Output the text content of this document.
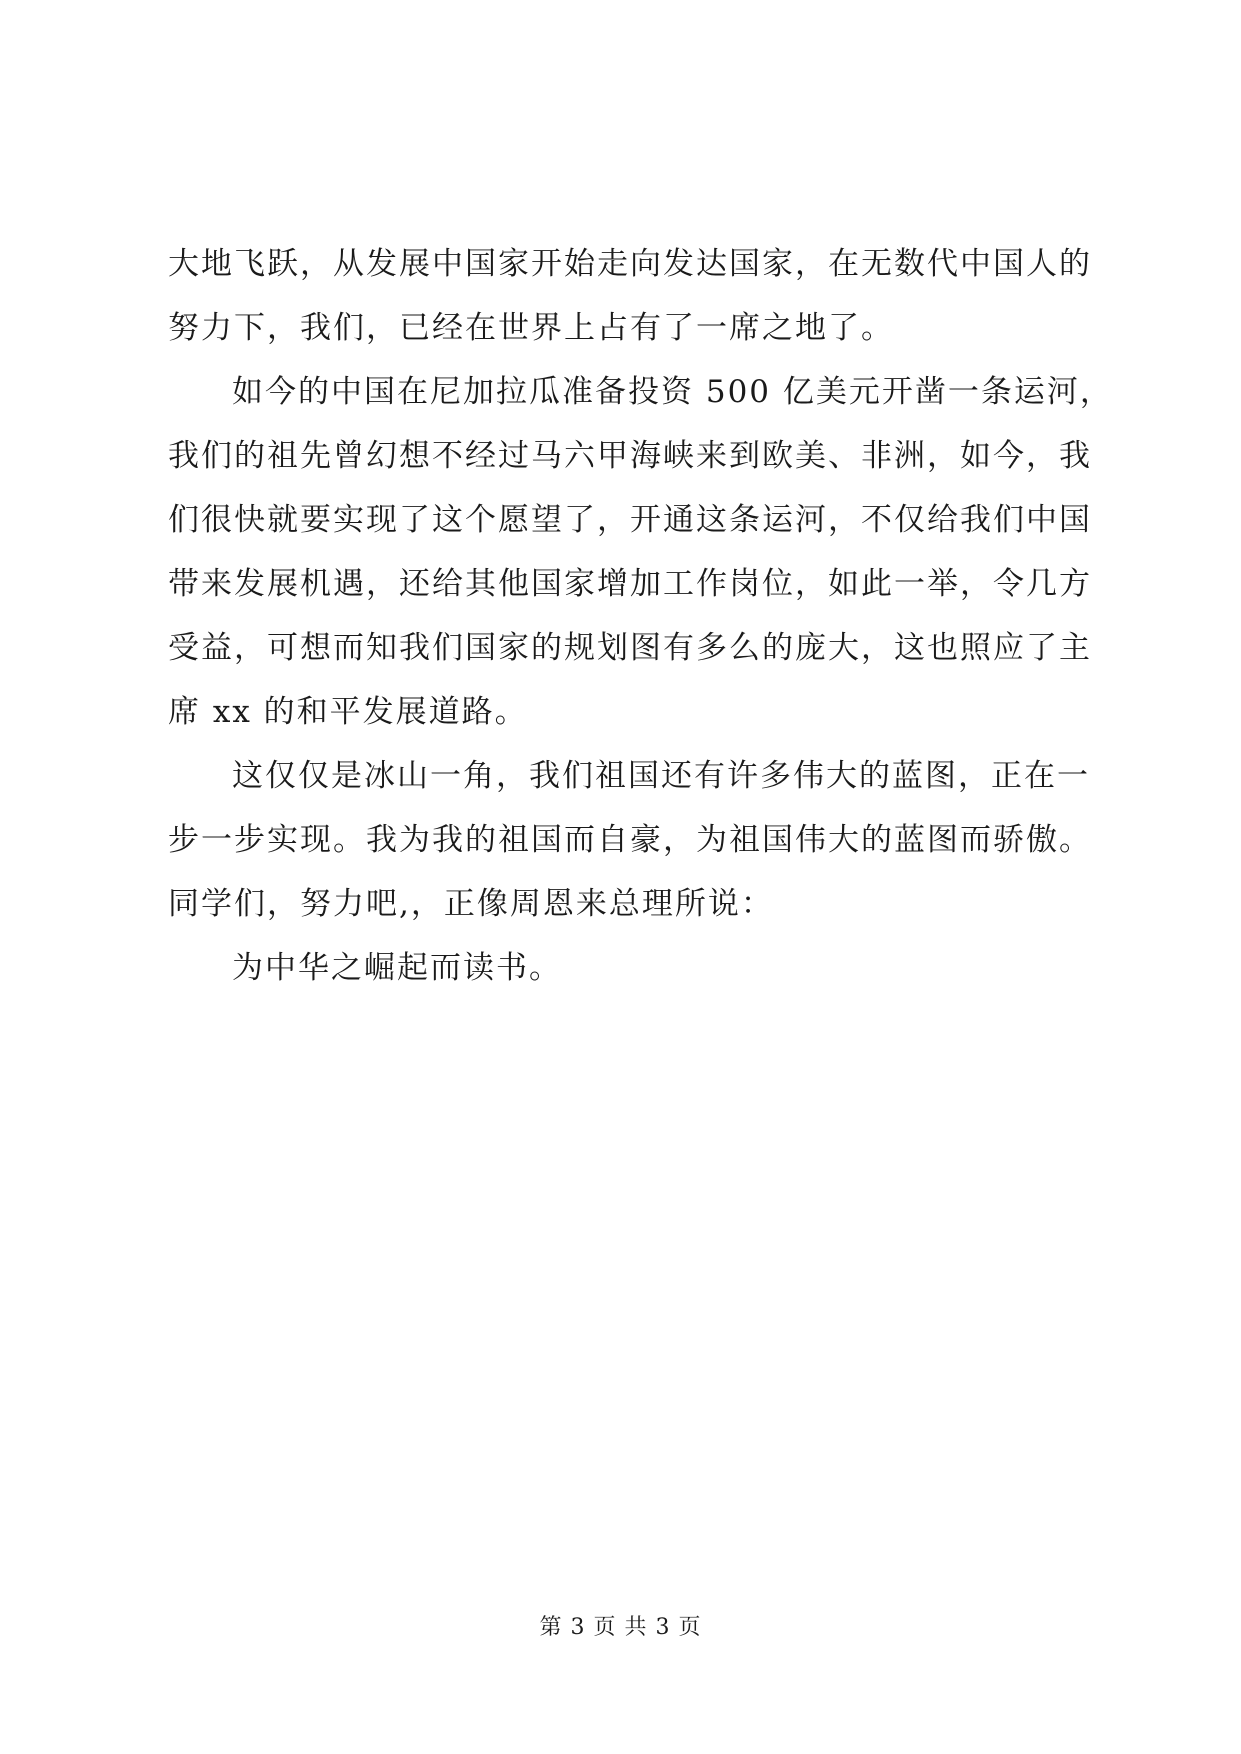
大地飞跃，从发展中国家开始走向发达国家，在无数代中国人的
努力下，我们，已经在世界上占有了一席之地了。
如今的中国在尼加拉瓜准备投资 500 亿美元开凿一条运河，
我们的祖先曾幻想不经过马六甲海峡来到欧美、非洲，如今，我
们很快就要实现了这个愿望了，开通这条运河，不仅给我们中国
带来发展机遇，还给其他国家增加工作岗位，如此一举，令几方
受益，可想而知我们国家的规划图有多么的庞大，这也照应了主
席 xx 的和平发展道路。
这仅仅是冰山一角，我们祖国还有许多伟大的蓝图，正在一
步一步实现。我为我的祖国而自豪，为祖国伟大的蓝图而骄傲。
同学们，努力吧,，正像周恩来总理所说：
为中华之崛起而读书。
第 3 页 共 3 页
